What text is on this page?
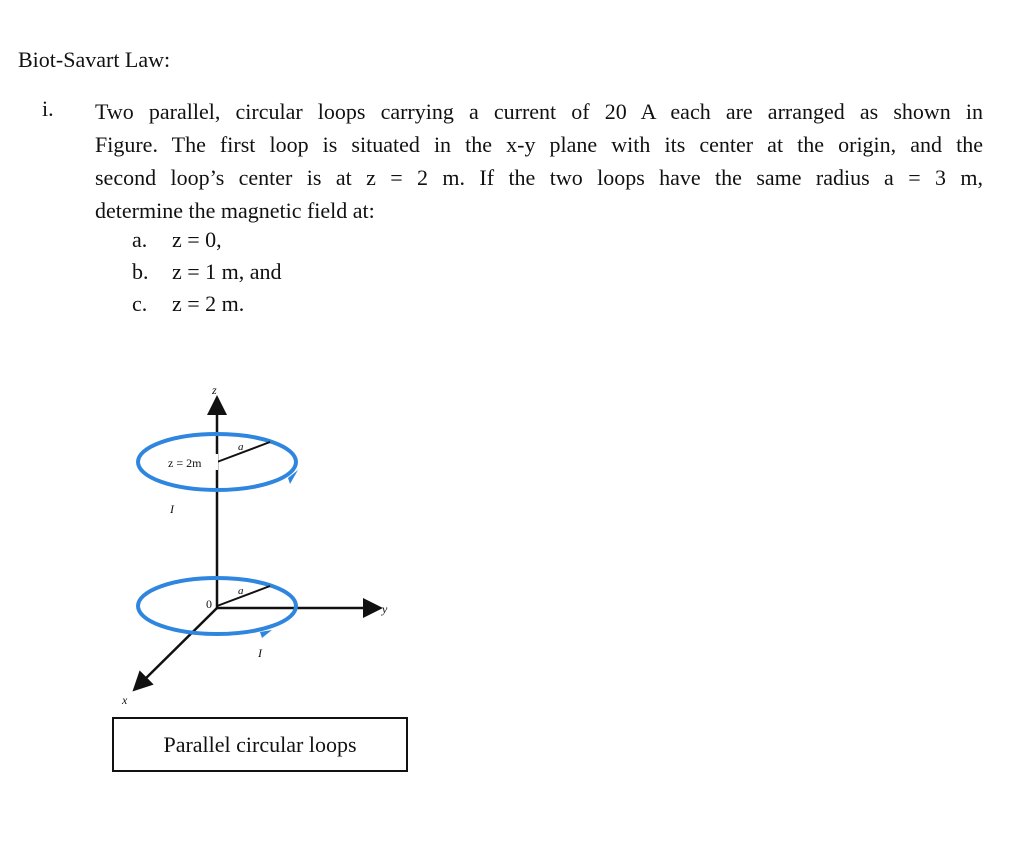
Biot-Savart Law:
i. Two parallel, circular loops carrying a current of 20 A each are arranged as shown in
Figure. The first loop is situated in the x-y plane with its center at the origin, and the
second loop’s center is at z = 2 m. If the two loops have the same radius a = 3 m,
determine the magnetic field at:
a.	z = 0,
b.	z = 1 m, and
c.	z = 2 m.
z
y
x
a
z = 2m
I
a
0
I
Parallel circular loops
